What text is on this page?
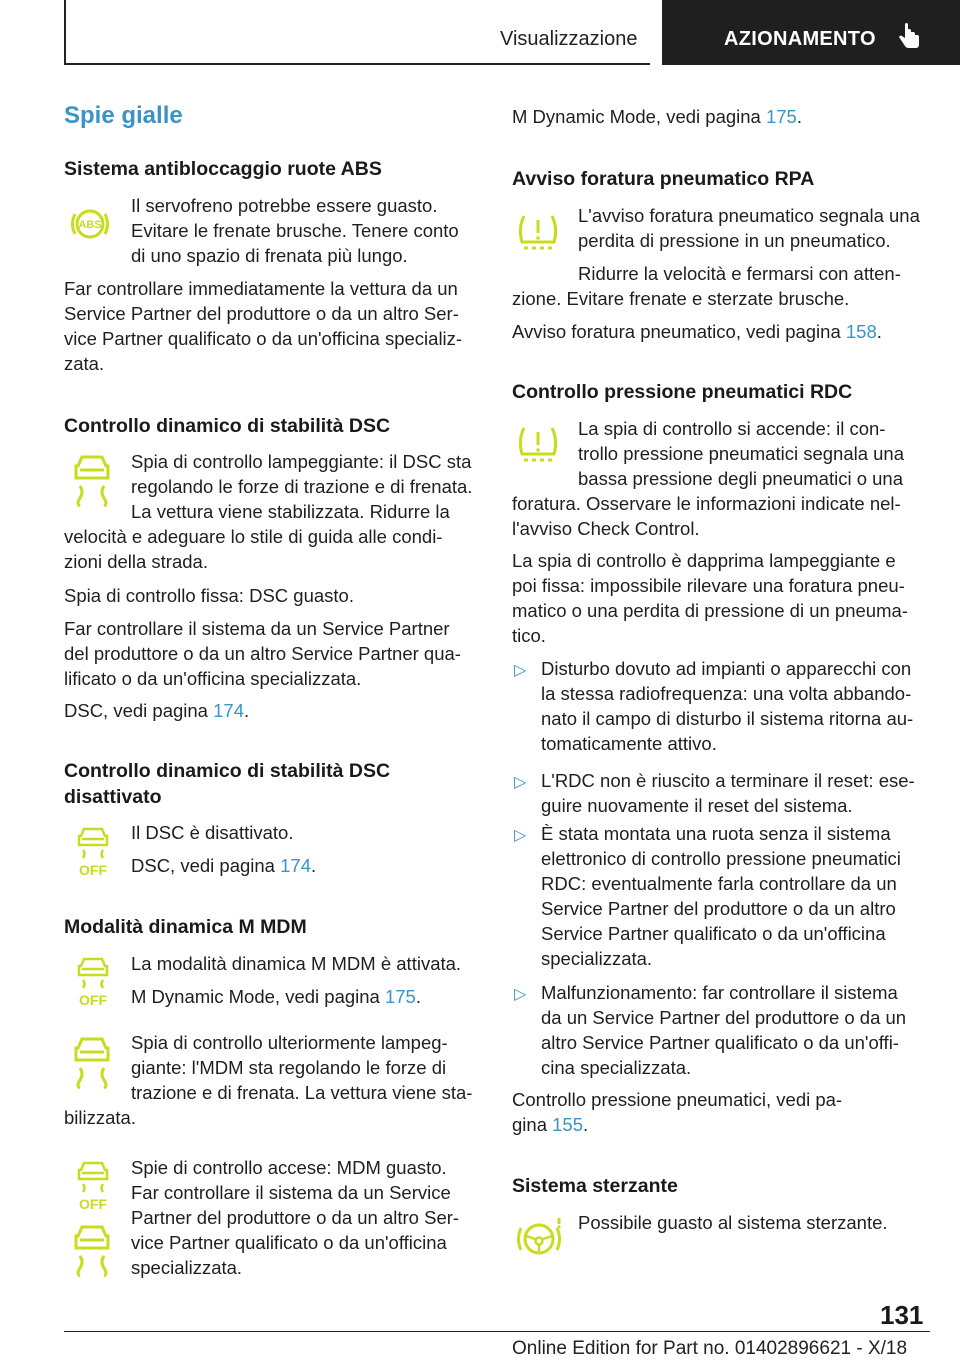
Visualizzazione	AZIONAMENTO
Spie gialle
Sistema antibloccaggio ruote ABS
ABS
Il servofreno potrebbe essere guasto.
Evitare le frenate brusche. Tenere conto
di uno spazio di frenata più lungo.
Far controllare immediatamente la vettura da un
Service Partner del produttore o da un altro Ser‐
vice Partner qualificato o da un'officina specializ‐
zata.
Controllo dinamico di stabilità DSC
Spia di controllo lampeggiante: il DSC sta
regolando le forze di trazione e di frenata.
La vettura viene stabilizzata. Ridurre la
velocità e adeguare lo stile di guida alle condi‐
zioni della strada.
Spia di controllo fissa: DSC guasto.
Far controllare il sistema da un Service Partner
del produttore o da un altro Service Partner qua‐
lificato o da un'officina specializzata.
DSC, vedi pagina 174.
Controllo dinamico di stabilità DSC
disattivato
OFF
Il DSC è disattivato.
DSC, vedi pagina 174.
Modalità dinamica M MDM
OFF
La modalità dinamica M MDM è attivata.
M Dynamic Mode, vedi pagina 175.
Spia di controllo ulteriormente lampeg‐
giante: l'MDM sta regolando le forze di
trazione e di frenata. La vettura viene sta‐
bilizzata.
OFF
Spie di controllo accese: MDM guasto.
Far controllare il sistema da un Service
Partner del produttore o da un altro Ser‐
vice Partner qualificato o da un'officina
specializzata.
M Dynamic Mode, vedi pagina 175.
Avviso foratura pneumatico RPA
L'avviso foratura pneumatico segnala una
perdita di pressione in un pneumatico.
Ridurre la velocità e fermarsi con atten‐
zione. Evitare frenate e sterzate brusche.
Avviso foratura pneumatico, vedi pagina 158.
Controllo pressione pneumatici RDC
La spia di controllo si accende: il con‐
trollo pressione pneumatici segnala una
bassa pressione degli pneumatici o una
foratura. Osservare le informazioni indicate nel‐
l'avviso Check Control.
La spia di controllo è dapprima lampeggiante e
poi fissa: impossibile rilevare una foratura pneu‐
matico o una perdita di pressione di un pneuma‐
tico.
▷ Disturbo dovuto ad impianti o apparecchi con
la stessa radiofrequenza: una volta abbando‐
nato il campo di disturbo il sistema ritorna au‐
tomaticamente attivo.
▷ L'RDC non è riuscito a terminare il reset: ese‐
guire nuovamente il reset del sistema.
▷ È stata montata una ruota senza il sistema
elettronico di controllo pressione pneumatici
RDC: eventualmente farla controllare da un
Service Partner del produttore o da un altro
Service Partner qualificato o da un'officina
specializzata.
▷ Malfunzionamento: far controllare il sistema
da un Service Partner del produttore o da un
altro Service Partner qualificato o da un'offi‐
cina specializzata.
Controllo pressione pneumatici, vedi pa‐
gina 155.
Sistema sterzante
Possibile guasto al sistema sterzante.
131
Online Edition for Part no. 01402896621 - X/18
